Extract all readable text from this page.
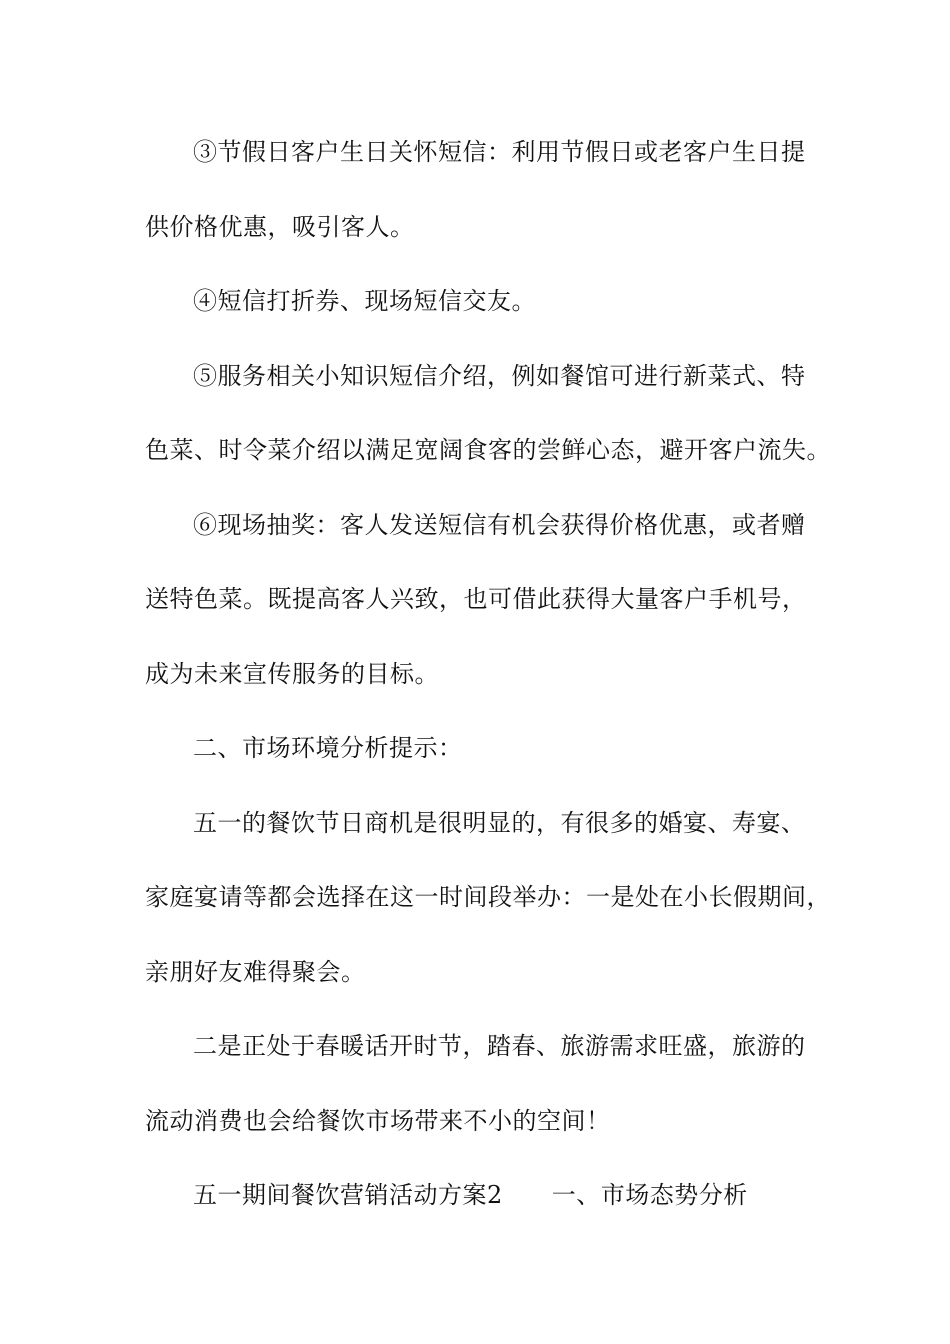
③节假日客户生日关怀短信：利用节假日或老客户生日提
供价格优惠，吸引客人。
④短信打折券、现场短信交友。
⑤服务相关小知识短信介绍，例如餐馆可进行新菜式、特
色菜、时令菜介绍以满足宽阔食客的尝鲜心态，避开客户流失。
⑥现场抽奖：客人发送短信有机会获得价格优惠，或者赠
送特色菜。既提高客人兴致，也可借此获得大量客户手机号，
成为未来宣传服务的目标。
二、市场环境分析提示：
五一的餐饮节日商机是很明显的，有很多的婚宴、寿宴、
家庭宴请等都会选择在这一时间段举办：一是处在小长假期间，
亲朋好友难得聚会。
二是正处于春暖话开时节，踏春、旅游需求旺盛，旅游的
流动消费也会给餐饮市场带来不小的空间！
五一期间餐饮营销活动方案2　　一、市场态势分析
